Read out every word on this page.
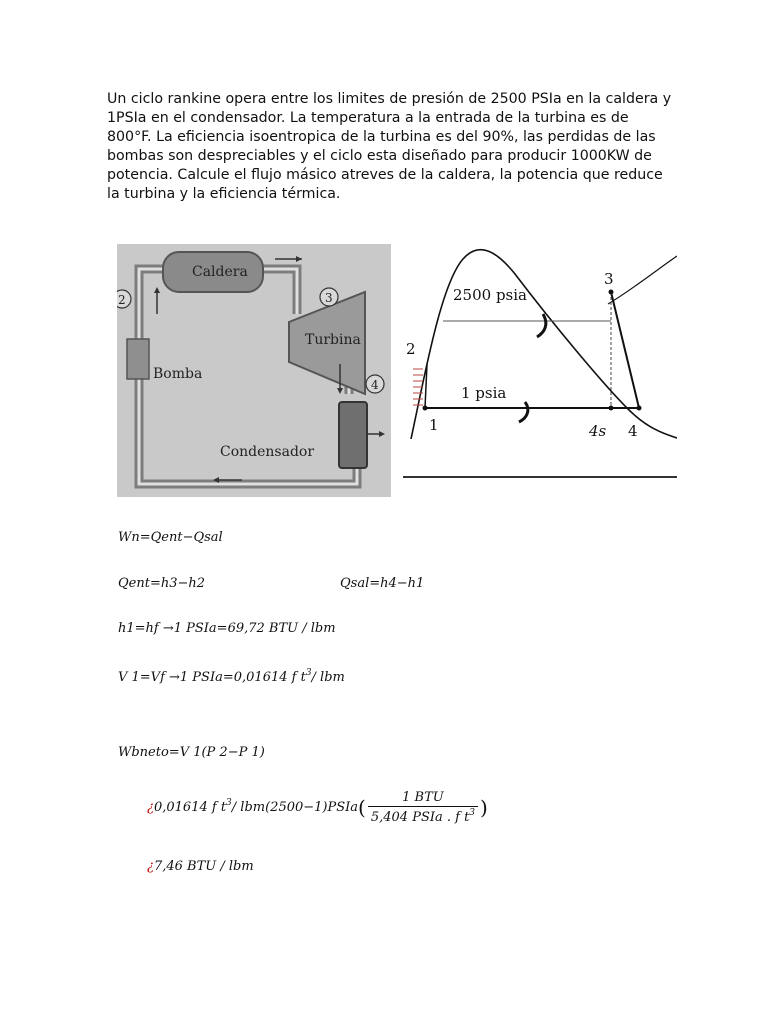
Un ciclo rankine opera entre los limites de presión de 2500 PSIa en la caldera y
1PSIa en el condensador. La temperatura a la entrada de la turbina es de
800°F. La eficiencia isoentropica de la turbina es del 90%, las perdidas de las
bombas son despreciables y el ciclo esta diseñado para producir 1000KW de
potencia. Calcule el flujo másico atreves de la caldera, la potencia que reduce
la turbina y la eficiencia térmica.
Caldera
Turbina
3
4
2
Bomba
Condensador
2500 psia
1 psia
1
2
3
4s 4
Wn=Qent−Qsal
Qent=h3−h2	Qsal=h4−h1
h1=hf →1 PSIa=69,72 BTU / lbm
V 1=Vf →1 PSIa=0,01614 f $t^3/$ lbm
Wbneto=V 1(P 2−P 1)
¿0,01614 f $t^3/$ lbm(2500−1)PSIa( $\frac{\text{1 BTU}}{5,404 PSIa . f t^3}$ )
¿7,46 BTU / lbm
